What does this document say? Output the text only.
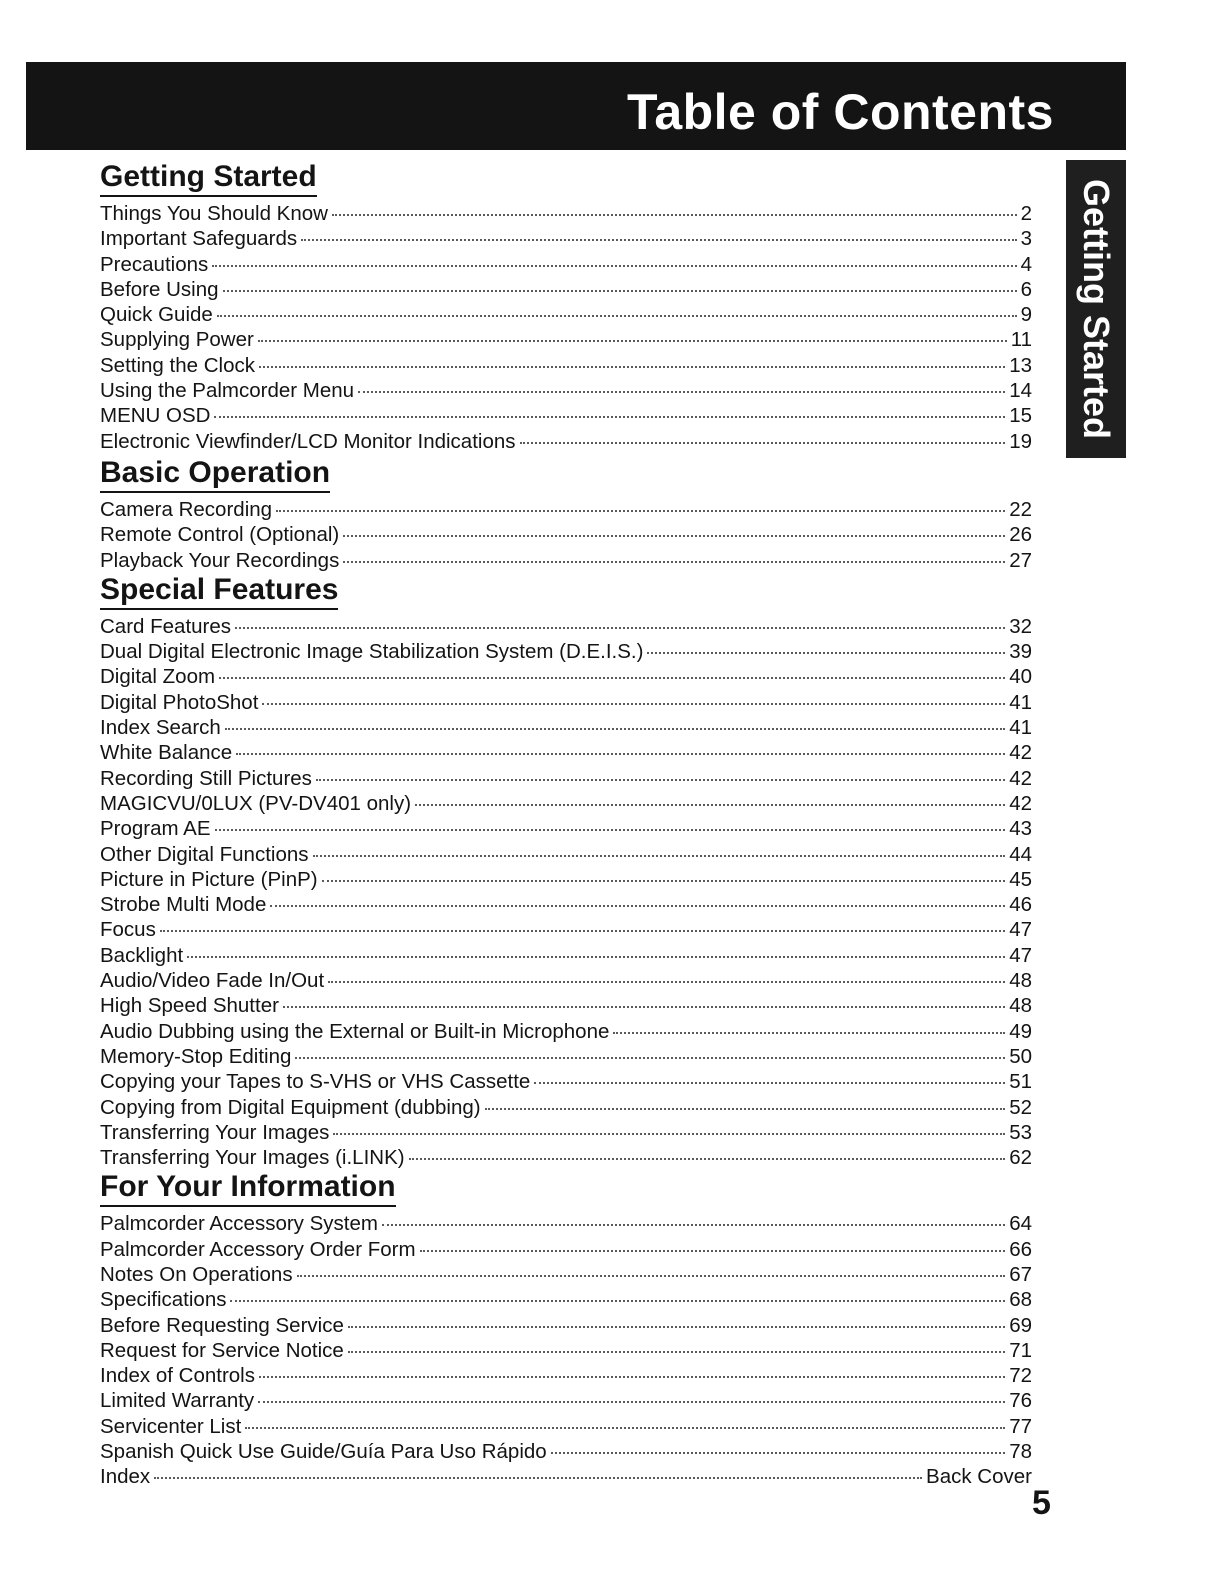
Table of Contents
Getting Started
Getting Started
Things You Should Know	2
Important Safeguards	3
Precautions	4
Before Using	6
Quick Guide	9
Supplying Power	11
Setting the Clock	13
Using the Palmcorder Menu	14
MENU OSD	15
Electronic Viewfinder/LCD Monitor Indications	19
Basic Operation
Camera Recording	22
Remote Control (Optional)	26
Playback Your Recordings	27
Special Features
Card Features	32
Dual Digital Electronic Image Stabilization System (D.E.I.S.)	39
Digital Zoom	40
Digital PhotoShot	41
Index Search	41
White Balance	42
Recording Still Pictures	42
MAGICVU/0LUX (PV-DV401 only)	42
Program AE	43
Other Digital Functions	44
Picture in Picture (PinP)	45
Strobe Multi Mode	46
Focus	47
Backlight	47
Audio/Video Fade In/Out	48
High Speed Shutter	48
Audio Dubbing using the External or Built-in Microphone	49
Memory-Stop Editing	50
Copying your Tapes to S-VHS or VHS Cassette	51
Copying from Digital Equipment (dubbing)	52
Transferring Your Images	53
Transferring Your Images (i.LINK)	62
For Your Information
Palmcorder Accessory System	64
Palmcorder Accessory Order Form	66
Notes On Operations	67
Specifications	68
Before Requesting Service	69
Request for Service Notice	71
Index of Controls	72
Limited Warranty	76
Servicenter List	77
Spanish Quick Use Guide/Guía Para Uso Rápido	78
Index	Back Cover
5
